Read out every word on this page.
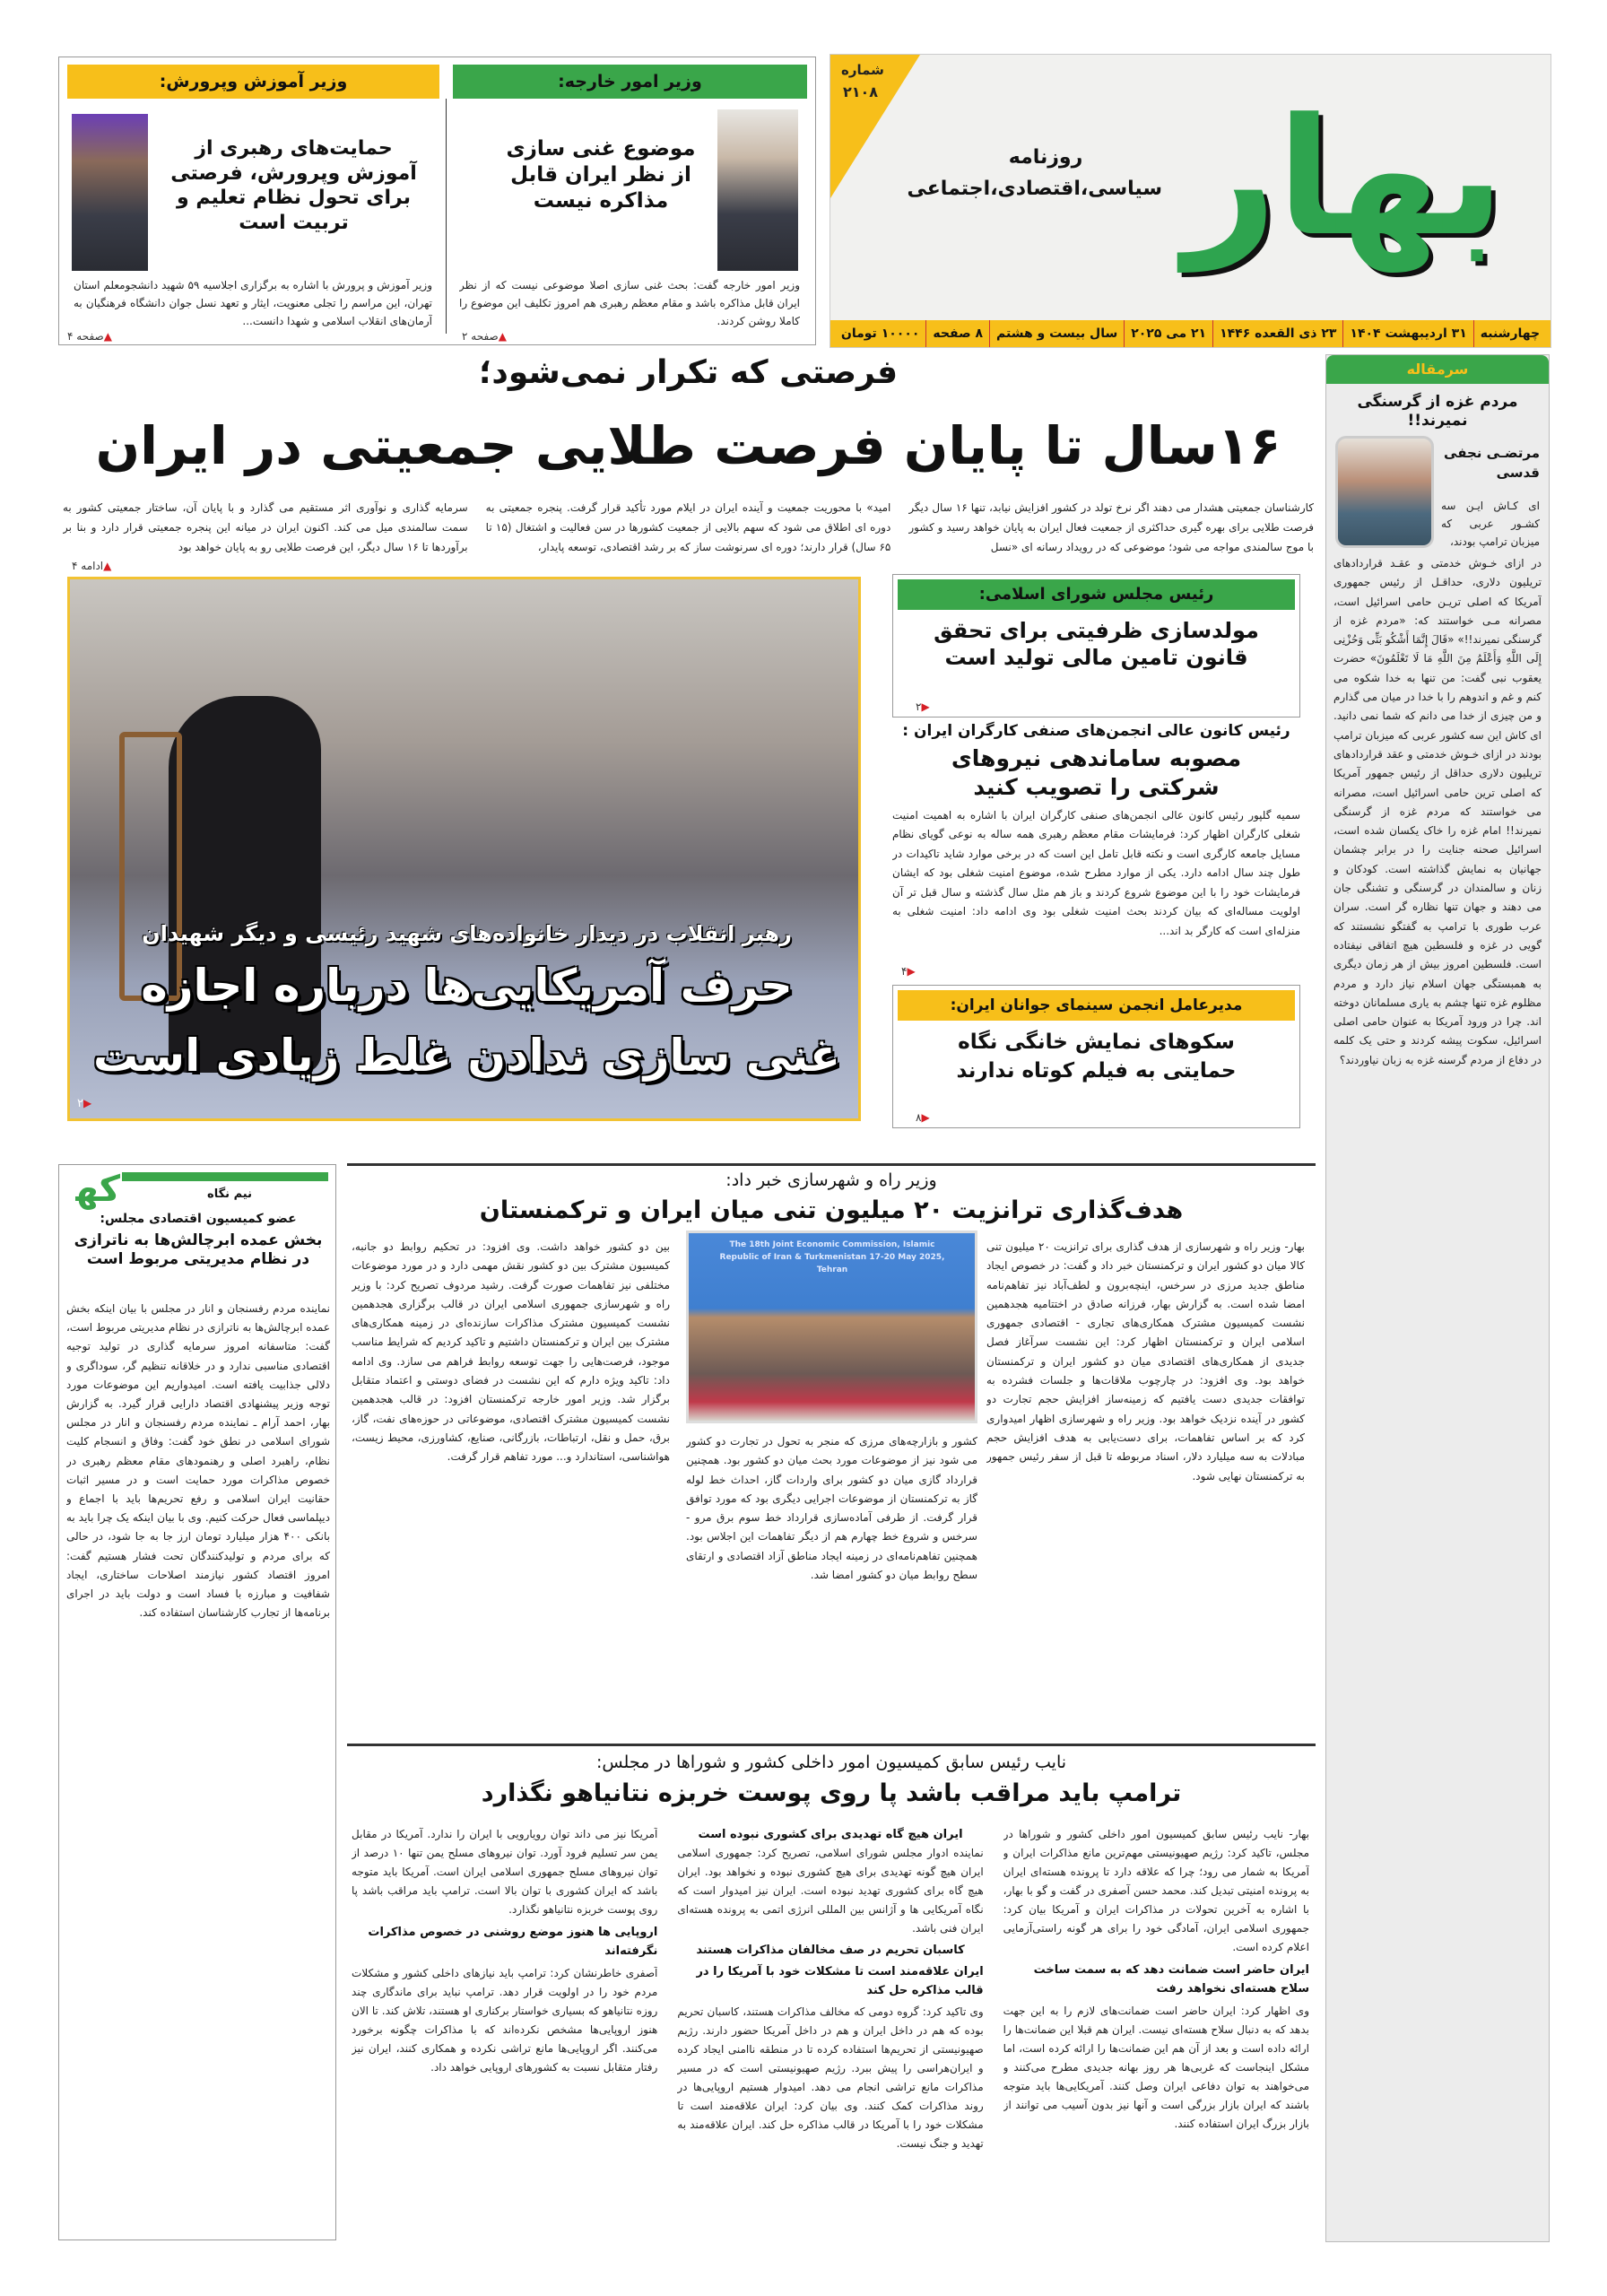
شماره
۲۱۰۸ بهار
روزنامه
سیاسی،اقتصادی،اجتماعی
چهارشنبه
۳۱ اردیبهشت ۱۴۰۴
۲۳ ذی القعده ۱۴۴۶
۲۱ می ۲۰۲۵
سال بیست و هشتم
۸ صفحه
۱۰۰۰۰ تومان
وزیر امور خارجه:
موضوع غنی سازی از نظر ایران قابل مذاکره نیست
وزیر امور خارجه گفت: بحث غنی سازی اصلا موضوعی نیست که از نظر ایران قابل مذاکره باشد و مقام معظم رهبری هم امروز تکلیف این موضوع را کاملا روشن کردند.
▲صفحه ۲
وزیر آموزش وپرورش:
حمایت‌های رهبری از آموزش وپرورش، فرصتی برای تحول نظام تعلیم و تربیت است
وزیر آموزش و پرورش با اشاره به برگزاری اجلاسیه ۵۹ شهید دانشجومعلم استان تهران، این مراسم را تجلی معنویت، ایثار و تعهد نسل جوان دانشگاه فرهنگیان به آرمان‌های انقلاب اسلامی و شهدا دانست...
▲صفحه ۴
فرصتی که تکرار نمی‌شود؛
۱۶سال تا پایان فرصت طلایی جمعیتی در ایران
کارشناسان جمعیتی هشدار می دهند اگر نرخ تولد در کشور افزایش نیابد، تنها ۱۶ سال دیگر فرصت طلایی برای بهره گیری حداکثری از جمعیت فعال ایران به پایان خواهد رسید و کشور با موج سالمندی مواجه می شود؛ موضوعی که در رویداد رسانه ای «نسل
امید» با محوریت جمعیت و آینده ایران در ایلام مورد تأکید قرار گرفت. پنجره جمعیتی به دوره ای اطلاق می شود که سهم بالایی از جمعیت کشورها در سن فعالیت و اشتغال (۱۵ تا ۶۵ سال) قرار دارند؛ دوره ای سرنوشت ساز که بر رشد اقتصادی، توسعه پایدار،
سرمایه گذاری و نوآوری اثر مستقیم می گذارد و با پایان آن، ساختار جمعیتی کشور به سمت سالمندی میل می کند. اکنون ایران در میانه این پنجره جمعیتی قرار دارد و بنا بر برآوردها تا ۱۶ سال دیگر، این فرصت طلایی رو به پایان خواهد بود
▲ادامه ۴
رهبر انقلاب در دیدار خانواده‌های شهید رئیسی و دیگر شهیدان
حرف آمریکایی‌ها درباره اجازه
غنی سازی ندادن غلط زیادی است
▶۲
رئیس مجلس شورای اسلامی:
مولدسازی ظرفیتی برای تحقق قانون تامین مالی تولید است
▶۲
رئیس کانون عالی انجمن‌های صنفی کارگران ایران :
مصوبه ساماندهی نیروهای شرکتی را تصویب کنید
سمیه گلپور رئیس کانون عالی انجمن‌های صنفی کارگران ایران با اشاره به اهمیت امنیت شغلی کارگران اظهار کرد: فرمایشات مقام معظم رهبری همه ساله به نوعی گویای نظام مسایل جامعه کارگری است و نکته قابل تامل این است که در برخی موارد شاید تاکیدات در طول چند سال ادامه دارد. یکی از موارد مطرح شده، موضوع امنیت شغلی بود که ایشان فرمایشات خود را با این موضوع شروع کردند و باز هم مثل سال گذشته و سال قبل تر آن اولویت مساله‌ای که بیان کردند بحث امنیت شغلی بود وی ادامه داد: امنیت شغلی به منزله‌ای است که کارگر بد اند...
▶۴
مدیرعامل انجمن سینمای جوانان ایران:
سکوهای نمایش خانگی نگاه حمایتی به فیلم کوتاه ندارند
▶۸
سرمقاله
مردم غزه از گرسنگی نمیرند!!
مرتضـی نجفی قدسی
ای کـاش ایـن سه کشـور عربی که میزبان ترامپ بودند،
در ازای خـوش خدمتی و عقـد قراردادهای تریلیون دلاری، حداقـل از رئیس جمهوری آمریکا که اصلی تریـن حامی اسرائیل است، مصرانه مـی خواستند که: «مردم غزه از گرسنگی نمیرند!!» «قَالَ إِنَّمَا أَشْکُو بَثِّی وَحُزْنِی إِلَى اللَّهِ وَأَعْلَمُ مِنَ اللَّهِ مَا لَا تَعْلَمُونَ» حضرت یعقوب نبی گفت: من تنها به خدا شکوه می کنم و غم و اندوهم را با خدا در میان می گذارم و من چیزی از خدا می دانم که شما نمی دانید. ای کاش این سه کشور عربی که میزبان ترامپ بودند در ازای خـوش خدمتی و عقد قراردادهای تریلیون دلاری حداقل از رئیس جمهور آمریکا که اصلی ترین حامی اسرائیل است، مصرانه می خواستند که مردم غزه از گرسنگی نمیرند!! امام غزه را خاک یکسان شده است، اسرائیل صحنه جنایت را در برابر چشمان جهانیان به نمایش گذاشته است. کودکان و زنان و سالمندان در گرسنگی و تشنگی جان می دهند و جهان تنها نظاره گر است. سران عرب طوری با ترامپ به گفتگو نشستند که گویی در غزه و فلسطین هیچ اتفاقی نیفتاده است. فلسطین امروز بیش از هر زمان دیگری به همبستگی جهان اسلام نیاز دارد و مردم مظلوم غزه تنها چشم به یاری مسلمانان دوخته اند. چرا در ورود آمریکا به عنوان حامی اصلی اسرائیل، سکوت پیشه کردند و حتی یک کلمه در دفاع از مردم گرسنه غزه به زبان نیاوردند؟
ﮐﻬ	نیم نگاه
عضو کمیسیون اقتصادی مجلس:
بخش عمده ابرچالش‌ها به ناترازی در نظام مدیریتی مربوط است
نماینده مردم رفسنجان و انار در مجلس با بیان اینکه بخش عمده ابرچالش‌ها به ناترازی در نظام مدیریتی مربوط است، گفت: متاسفانه امروز سرمایه گذاری در تولید توجیه اقتصادی مناسبی ندارد و در خلاقانه تنظیم گر، سوداگری و دلالی جذابیت یافته است. امیدواریم این موضوعات مورد توجه وزیر پیشنهادی اقتصاد دارایی قرار گیرد. به گزارش بهار، احمد آرام ـ نماینده مردم رفسنجان و انار در مجلس شورای اسلامی در نطق خود گفت: وفاق و انسجام کلیت نظام، راهبرد اصلی و رهنمودهای مقام معظم رهبری در خصوص مذاکرات مورد حمایت است و در مسیر اثبات حقانیت ایران اسلامی و رفع تحریم‌ها باید با اجماع و دیپلماسی فعال حرکت کنیم. وی با بیان اینکه یک چرا باید به بانکی ۴۰۰ هزار میلیارد تومان ارز جا به جا شود، در حالی که برای مردم و تولیدکنندگان تحت فشار هستیم گفت: امروز اقتصاد کشور نیازمند اصلاحات ساختاری، ایجاد شفافیت و مبارزه با فساد است و دولت باید در اجرای برنامه‌ها از تجارب کارشناسان استفاده کند.
وزیر راه و شهرسازی خبر داد:
هدف‌گذاری ترانزیت ۲۰ میلیون تنی میان ایران و ترکمنستان
بهار- وزیر راه و شهرسازی از هدف گذاری برای ترانزیت ۲۰ میلیون تنی کالا میان دو کشور ایران و ترکمنستان خبر داد و گفت: در خصوص ایجاد مناطق جدید مرزی در سرخس، اینچه‌برون و لطف‌آباد نیز تفاهم‌نامه امضا شده است. به گزارش بهار، فرزانه صادق در اختتامیه هجدهمین نشست کمیسیون مشترک همکاری‌های تجاری - اقتصادی جمهوری اسلامی ایران و ترکمنستان اظهار کرد: این نشست سرآغاز فصل جدیدی از همکاری‌های اقتصادی میان دو کشور ایران و ترکمنستان خواهد بود. وی افزود: در چارچوب ملاقات‌ها و جلسات فشرده به توافقات جدیدی دست یافتیم که زمینه‌ساز افزایش حجم تجارت دو کشور در آینده نزدیک خواهد بود. وزیر راه و شهرسازی اظهار امیدواری کرد که بر اساس تفاهمات، برای دست‌یابی به هدف افزایش حجم مبادلات به سه میلیارد دلار، اسناد مربوطه تا قبل از سفر رئیس جمهور به ترکمنستان نهایی شود.
The 18th Joint Economic Commission, Islamic Republic of Iran & Turkmenistan 17-20 May 2025, Tehran
کشور و بازارچه‌های مرزی که منجر به تحول در تجارت دو کشور می شود نیز از موضوعات مورد بحث میان دو کشور بود. همچنین قرارداد گازی میان دو کشور برای واردات گاز، احداث خط لوله گاز به ترکمنستان از موضوعات اجرایی دیگری بود که مورد توافق قرار گرفت. از طرفی آماده‌سازی قرارداد خط سوم برق مرو - سرخس و شروع خط چهارم هم از دیگر تفاهمات این اجلاس بود. همچنین تفاهم‌نامه‌ای در زمینه ایجاد مناطق آزاد اقتصادی و ارتقای سطح روابط میان دو کشور امضا شد.
بین دو کشور خواهد داشت. وی افزود: در تحکیم روابط دو جانبه، کمیسیون مشترک بین دو کشور نقش مهمی دارد و در مورد موضوعات مختلفی نیز تفاهمات صورت گرفت. رشید مردوف تصریح کرد: با وزیر راه و شهرسازی جمهوری اسلامی ایران در قالب برگزاری هجدهمین نشست کمیسیون مشترک مذاکرات سازنده‌ای در زمینه همکاری‌های مشترک بین ایران و ترکمنستان داشتیم و تاکید کردیم که شرایط مناسب موجود، فرصت‌هایی را جهت توسعه روابط فراهم می سازد. وی ادامه داد: تاکید ویژه دارم که این نشست در فضای دوستی و اعتماد متقابل برگزار شد. وزیر امور خارجه ترکمنستان افزود: در قالب هجدهمین نشست کمیسیون مشترک اقتصادی، موضوعاتی در حوزه‌های نفت، گاز، برق، حمل و نقل، ارتباطات، بازرگانی، صنایع، کشاورزی، محیط زیست، هواشناسی، استاندارد و... مورد تفاهم قرار گرفت.
نایب رئیس سابق کمیسیون امور داخلی کشور و شوراها در مجلس:
ترامپ باید مراقب باشد پا روی پوست خربزه نتانیاهو نگذارد
بهار- نایب رئیس سابق کمیسیون امور داخلی کشور و شوراها در مجلس، تاکید کرد: رژیم صهیونیستی مهم‌ترین مانع مذاکرات ایران و آمریکا به شمار می رود؛ چرا که علاقه دارد تا پرونده هسته‌ای ایران به پرونده امنیتی تبدیل کند. محمد حسن آصفری در گفت و گو با بهار، با اشاره به آخرین تحولات در مذاکرات ایران و آمریکا بیان کرد: جمهوری اسلامی ایران، آمادگی خود را برای هر گونه راستی‌آزمایی اعلام کرده است.
ایران حاضر است ضمانت دهد که به سمت ساخت سلاح هسته‌ای نخواهد رفت
وی اظهار کرد: ایران حاضر است ضمانت‌های لازم را به این جهت بدهد که به دنبال سلاح هسته‌ای نیست. ایران هم قبلا این ضمانت‌ها را ارائه داده است و بعد از آن هم این ضمانت‌ها را ارائه کرده است، اما مشکل اینجاست که غربی‌ها هر روز بهانه جدیدی مطرح می‌کنند و می‌خواهند به توان دفاعی ایران وصل کنند. آمریکایی‌ها باید متوجه باشند که ایران بازار بزرگی است و آنها نیز بدون آسیب می توانند از بازار بزرگ ایران استفاده کنند.
ایران هیچ گاه تهدیدی برای کشوری نبوده است
نماینده ادوار مجلس شورای اسلامی، تصریح کرد: جمهوری اسلامی ایران هیچ گونه تهدیدی برای هیچ کشوری نبوده و نخواهد بود. ایران هیچ گاه برای کشوری تهدید نبوده است. ایران نیز امیدوار است که نگاه آمریکایی ها و آژانس بین المللی انرژی اتمی به پرونده هسته‌ای ایران فنی باشد.
کاسبان تحریم در صف مخالفان مذاکرات هستند
ایران علاقه‌مند است تا مشکلات خود با آمریکا را در قالب مذاکره حل کند
وی تاکید کرد: گروه دومی که مخالف مذاکرات هستند، کاسبان تحریم بوده که هم در داخل ایران و هم در داخل آمریکا حضور دارند. رژیم صهیونیستی از تحریم‌ها استفاده کرده تا در منطقه ناامنی ایجاد کرده و ایران‌هراسی را پیش ببرد. رژیم صهیونیستی است که در مسیر مذاکرات مانع تراشی انجام می دهد. امیدوار هستیم اروپایی‌ها در روند مذاکرات کمک کنند. وی بیان کرد: ایران علاقه‌مند است تا مشکلات خود را با آمریکا در قالب مذاکره حل کند. ایران علاقه‌مند به تهدید و جنگ نیست.
آمریکا نیز می داند توان رویارویی با ایران را ندارد. آمریکا در مقابل یمن سر تسلیم فرود آورد. توان نیروهای مسلح یمن تنها ۱۰ درصد از توان نیروهای مسلح جمهوری اسلامی ایران است. آمریکا باید متوجه باشد که ایران کشوری با توان بالا است. ترامپ باید مراقب باشد پا روی پوست خربزه نتانیاهو نگذارد.
اروپایی ها هنوز موضع روشنی در خصوص مذاکرات نگرفته‌اند
آصفری خاطرنشان کرد: ترامپ باید نیازهای داخلی کشور و مشکلات مردم خود را در اولویت قرار دهد. ترامپ نباید برای ماندگاری چند روزه نتانیاهو که بسیاری خواستار برکناری او هستند، تلاش کند. تا الان هنوز اروپایی‌ها مشخص نکرده‌اند که با مذاکرات چگونه برخورد می‌کنند. اگر اروپایی‌ها مانع تراشی نکرده و همکاری کنند، ایران نیز رفتار متقابل نسبت به کشورهای اروپایی خواهد داد.
